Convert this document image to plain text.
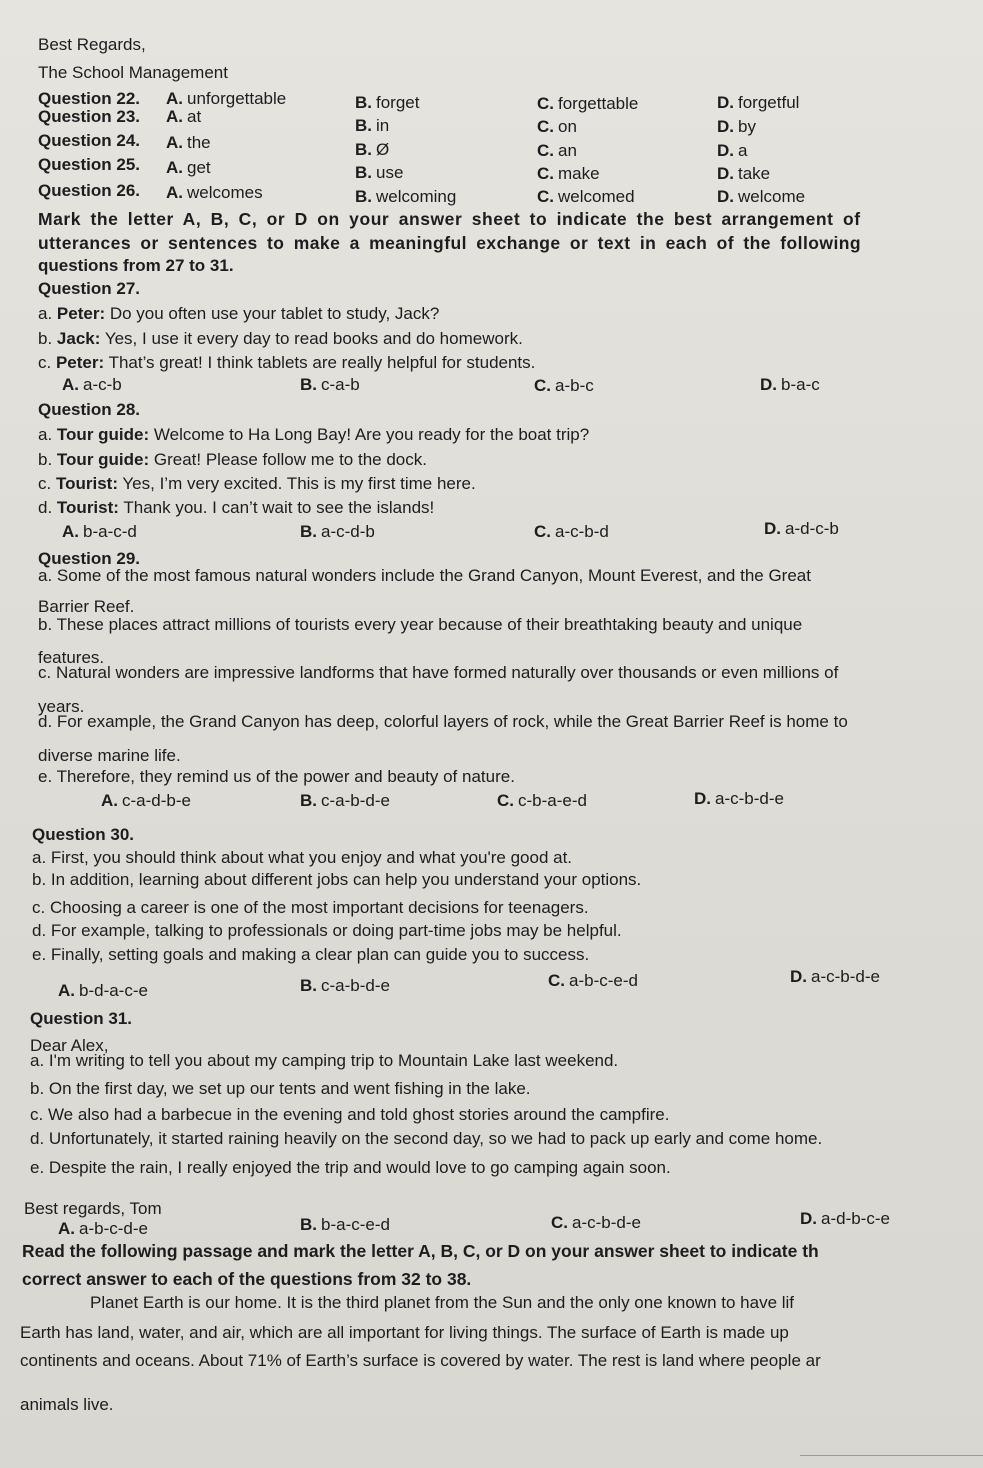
Best Regards,
The School Management
Question 22. A. unforgettable	B. forget	C. forgettable	D. forgetful
Question 23. A. at	B. in	C. on	D. by
Question 24. A. the	B. Ø	C. an	D. a
Question 25. A. get	B. use	C. make	D. take
Question 26. A. welcomes	B. welcoming	C. welcomed	D. welcome
Mark the letter A, B, C, or D on your answer sheet to indicate the best arrangement of
utterances or sentences to make a meaningful exchange or text in each of the following
questions from 27 to 31.
Question 27.
a. Peter: Do you often use your tablet to study, Jack?
b. Jack: Yes, I use it every day to read books and do homework.
c. Peter: That’s great! I think tablets are really helpful for students.
A. a-c-b	B. c-a-b	C. a-b-c	D. b-a-c
Question 28.
a. Tour guide: Welcome to Ha Long Bay! Are you ready for the boat trip?
b. Tour guide: Great! Please follow me to the dock.
c. Tourist: Yes, I’m very excited. This is my first time here.
d. Tourist: Thank you. I can’t wait to see the islands!
A. b-a-c-d	B. a-c-d-b	C. a-c-b-d	D. a-d-c-b
Question 29.
a. Some of the most famous natural wonders include the Grand Canyon, Mount Everest, and the Great
Barrier Reef.
b. These places attract millions of tourists every year because of their breathtaking beauty and unique
features.
c. Natural wonders are impressive landforms that have formed naturally over thousands or even millions of
years.
d. For example, the Grand Canyon has deep, colorful layers of rock, while the Great Barrier Reef is home to
diverse marine life.
e. Therefore, they remind us of the power and beauty of nature.
A. c-a-d-b-e	B. c-a-b-d-e	C. c-b-a-e-d	D. a-c-b-d-e
Question 30.
a. First, you should think about what you enjoy and what you're good at.
b. In addition, learning about different jobs can help you understand your options.
c. Choosing a career is one of the most important decisions for teenagers.
d. For example, talking to professionals or doing part-time jobs may be helpful.
e. Finally, setting goals and making a clear plan can guide you to success.
A. b-d-a-c-e	B. c-a-b-d-e	C. a-b-c-e-d	D. a-c-b-d-e
Question 31.
Dear Alex,
a. I'm writing to tell you about my camping trip to Mountain Lake last weekend.
b. On the first day, we set up our tents and went fishing in the lake.
c. We also had a barbecue in the evening and told ghost stories around the campfire.
d. Unfortunately, it started raining heavily on the second day, so we had to pack up early and come home.
e. Despite the rain, I really enjoyed the trip and would love to go camping again soon.
Best regards, Tom
A. a-b-c-d-e	B. b-a-c-e-d	C. a-c-b-d-e	D. a-d-b-c-e
Read the following passage and mark the letter A, B, C, or D on your answer sheet to indicate th
correct answer to each of the questions from 32 to 38.
Planet Earth is our home. It is the third planet from the Sun and the only one known to have lif
Earth has land, water, and air, which are all important for living things. The surface of Earth is made up
continents and oceans. About 71% of Earth’s surface is covered by water. The rest is land where people ar
animals live.
